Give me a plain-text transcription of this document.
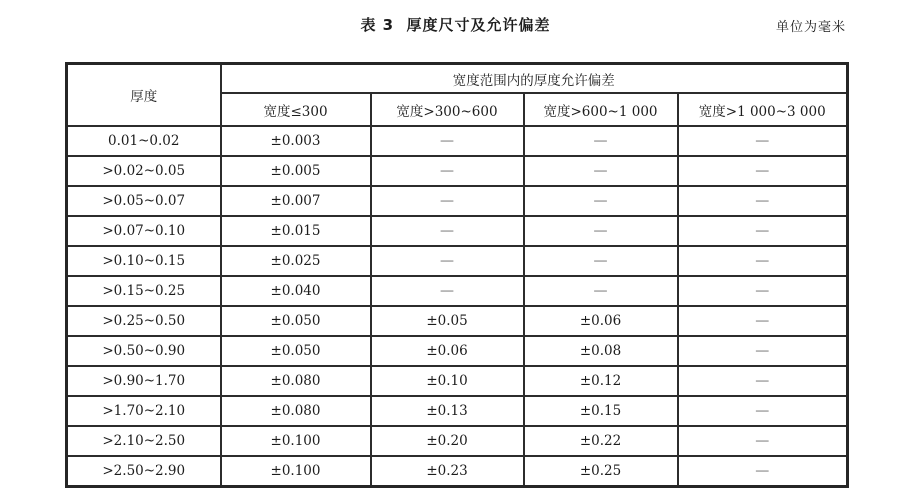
表 3  厚度尺寸及允许偏差	单位为毫米
厚度	宽度范围内的厚度允许偏差			
	宽度≤300	宽度>300~600	宽度>600~1 000	宽度>1 000~3 000
0.01~0.02	±0.003	—	—	—
>0.02~0.05	±0.005	—	—	—
>0.05~0.07	±0.007	—	—	—
>0.07~0.10	±0.015	—	—	—
>0.10~0.15	±0.025	—	—	—
>0.15~0.25	±0.040	—	—	—
>0.25~0.50	±0.050	±0.05	±0.06	—
>0.50~0.90	±0.050	±0.06	±0.08	—
>0.90~1.70	±0.080	±0.10	±0.12	—
>1.70~2.10	±0.080	±0.13	±0.15	—
>2.10~2.50	±0.100	±0.20	±0.22	—
>2.50~2.90	±0.100	±0.23	±0.25	—
